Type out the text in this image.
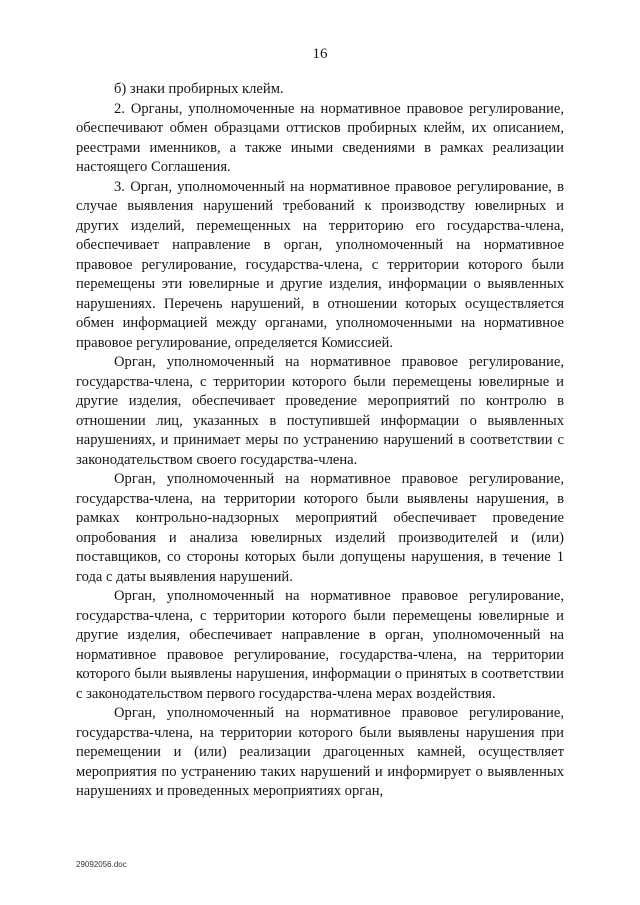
16

б) знаки пробирных клейм.

2. Органы, уполномоченные на нормативное правовое регулирование, обеспечивают обмен образцами оттисков пробирных клейм, их описанием, реестрами именников, а также иными сведениями в рамках реализации настоящего Соглашения.

3. Орган, уполномоченный на нормативное правовое регулирование, в случае выявления нарушений требований к производству ювелирных и других изделий, перемещенных на территорию его государства-члена, обеспечивает направление в орган, уполномоченный на нормативное правовое регулирование, государства-члена, с территории которого были перемещены эти ювелирные и другие изделия, информации о выявленных нарушениях. Перечень нарушений, в отношении которых осуществляется обмен информацией между органами, уполномоченными на нормативное правовое регулирование, определяется Комиссией.

Орган, уполномоченный на нормативное правовое регулирование, государства-члена, с территории которого были перемещены ювелирные и другие изделия, обеспечивает проведение мероприятий по контролю в отношении лиц, указанных в поступившей информации о выявленных нарушениях, и принимает меры по устранению нарушений в соответствии с законодательством своего государства-члена.

Орган, уполномоченный на нормативное правовое регулирование, государства-члена, на территории которого были выявлены нарушения, в рамках контрольно-надзорных мероприятий обеспечивает проведение опробования и анализа ювелирных изделий производителей и (или) поставщиков, со стороны которых были допущены нарушения, в течение 1 года с даты выявления нарушений.

Орган, уполномоченный на нормативное правовое регулирование, государства-члена, с территории которого были перемещены ювелирные и другие изделия, обеспечивает направление в орган, уполномоченный на нормативное правовое регулирование, государства-члена, на территории которого были выявлены нарушения, информации о принятых в соответствии с законодательством первого государства-члена мерах воздействия.

Орган, уполномоченный на нормативное правовое регулирование, государства-члена, на территории которого были выявлены нарушения при перемещении и (или) реализации драгоценных камней, осуществляет мероприятия по устранению таких нарушений и информирует о выявленных нарушениях и проведенных мероприятиях орган,

29092056.doc
